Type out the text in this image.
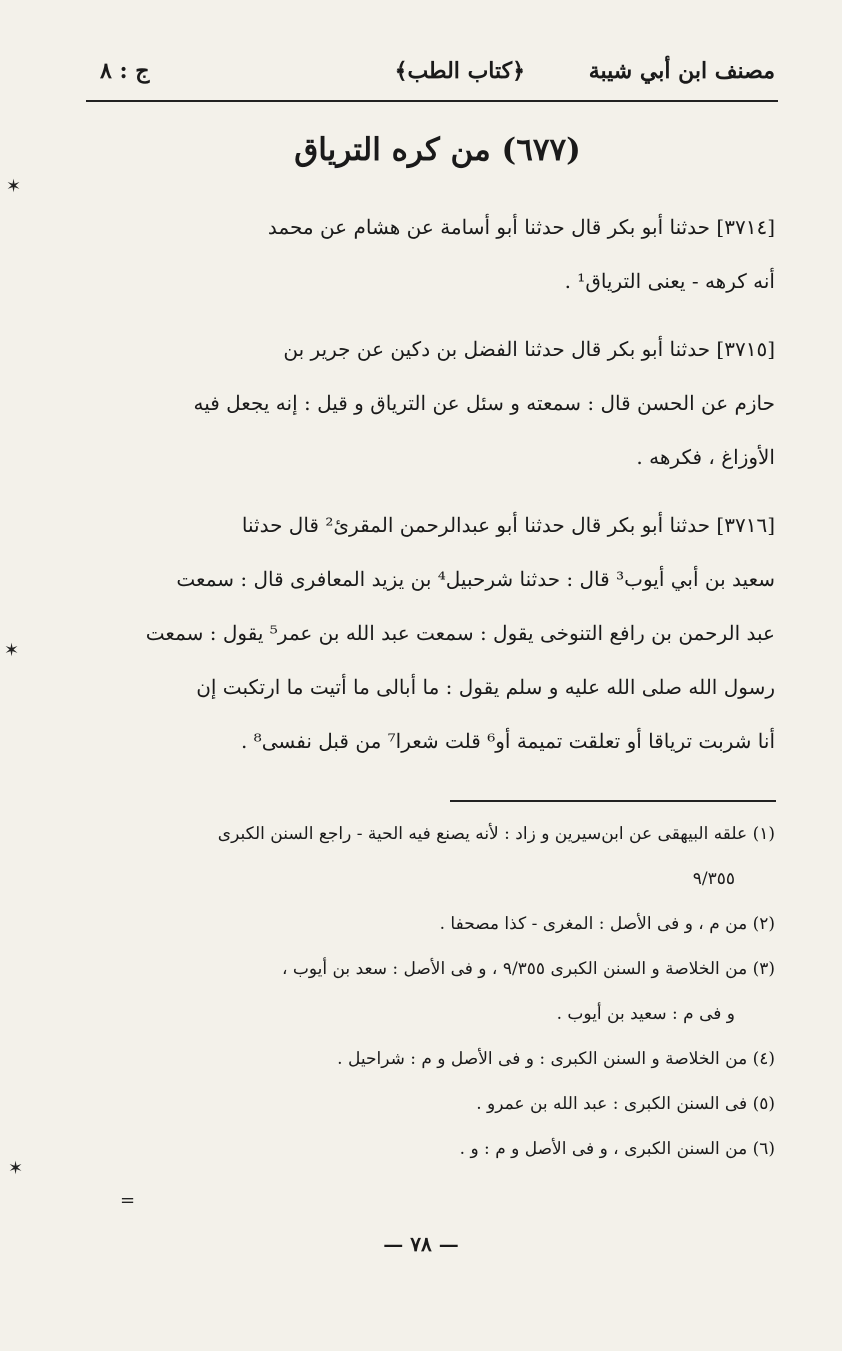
مصنف ابن أبي شيبة
﴿كتاب الطب﴾
ج : ٨
(٦٧٧) من كره الترياق

[٣٧١٤] حدثنا أبو بكر قال حدثنا أبو أسامة عن هشام عن محمد

أنه كرهه - يعنى الترياق¹ .

[٣٧١٥] حدثنا أبو بكر قال حدثنا الفضل بن دكين عن جرير بن

حازم عن الحسن قال : سمعته و سئل عن الترياق و قيل : إنه يجعل فيه

الأوزاغ ، فكرهه .

[٣٧١٦] حدثنا أبو بكر قال حدثنا أبو عبدالرحمن المقرئ² قال حدثنا

سعيد بن أبي أيوب³ قال : حدثنا شرحبيل⁴ بن يزيد المعافرى قال : سمعت

عبد الرحمن بن رافع التنوخى يقول : سمعت عبد الله بن عمر⁵ يقول : سمعت

رسول الله صلى الله عليه و سلم يقول : ما أبالى ما أتيت ما ارتكبت إن

أنا شربت ترياقا أو تعلقت تميمة أو⁶ قلت شعرا⁷ من قبل نفسى⁸ .

(١) علقه البيهقى عن ابن‌سيرين و زاد : لأنه يصنع فيه الحية - راجع السنن الكبرى

٩/٣٥٥

(٢) من م ، و فى الأصل : المغرى - كذا مصحفا .

(٣) من الخلاصة و السنن الكبرى ٩/٣٥٥ ، و فى الأصل : سعد بن أيوب ،

و فى م : سعيد بن أيوب .

(٤) من الخلاصة و السنن الكبرى : و فى الأصل و م : شراحيل .

(٥) فى السنن الكبرى : عبد الله بن عمرو .

(٦) من السنن الكبرى ، و فى الأصل و م : و .

— ٧٨ —
✶
✶
✶
=
